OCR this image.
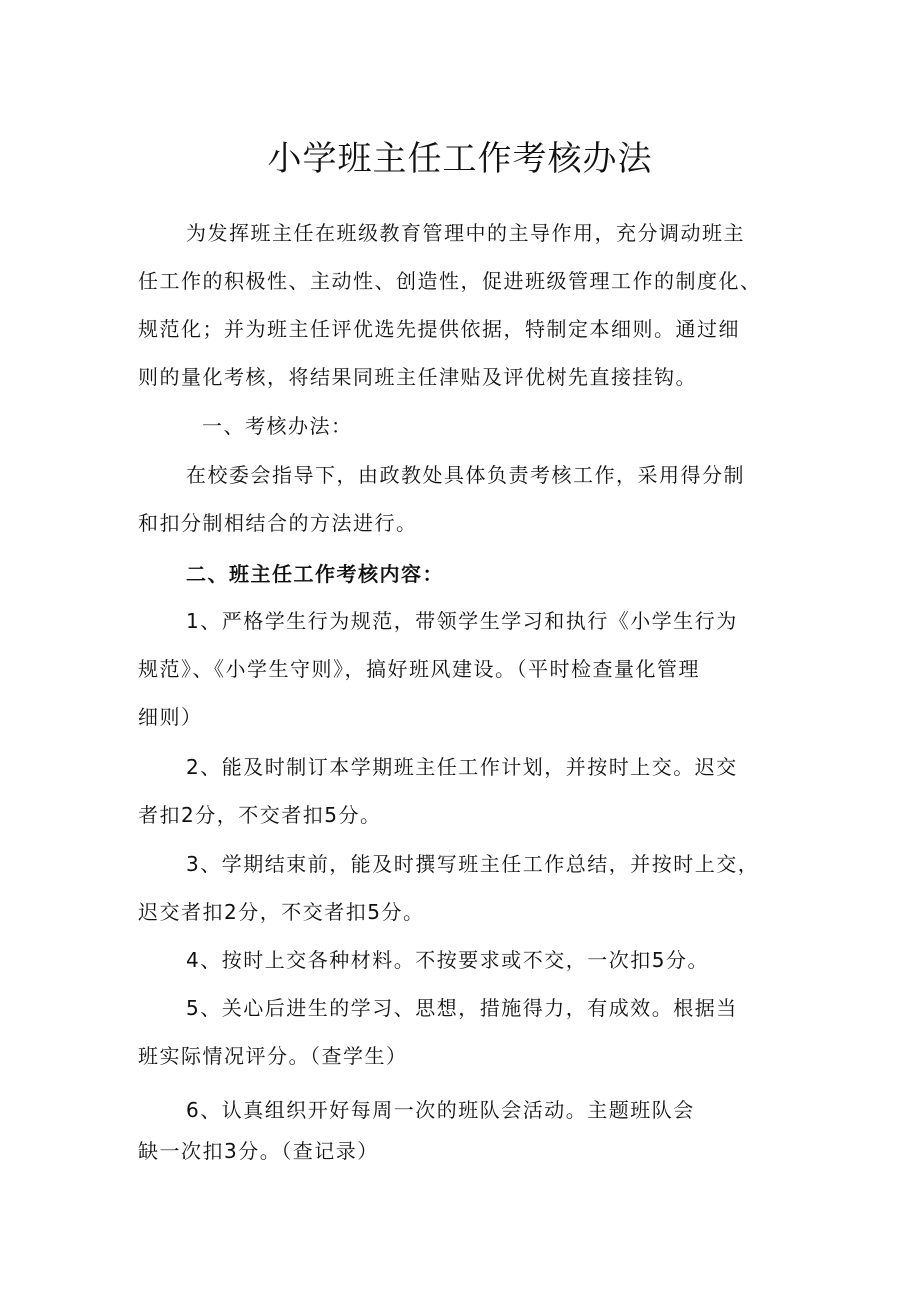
小学班主任工作考核办法
为发挥班主任在班级教育管理中的主导作用，充分调动班主
任工作的积极性、主动性、创造性，促进班级管理工作的制度化、
规范化；并为班主任评优选先提供依据，特制定本细则。通过细
则的量化考核，将结果同班主任津贴及评优树先直接挂钩。
一、考核办法：
在校委会指导下，由政教处具体负责考核工作，采用得分制
和扣分制相结合的方法进行。
二、班主任工作考核内容：
1、严格学生行为规范，带领学生学习和执行《小学生行为
规范》、《小学生守则》，搞好班风建设。（平时检查量化管理
细则）
2、能及时制订本学期班主任工作计划，并按时上交。迟交
者扣2分，不交者扣5分。
3、学期结束前，能及时撰写班主任工作总结，并按时上交，
迟交者扣2分，不交者扣5分。
4、按时上交各种材料。不按要求或不交，一次扣5分。
5、关心后进生的学习、思想，措施得力，有成效。根据当
班实际情况评分。（查学生）
6、认真组织开好每周一次的班队会活动。主题班队会
缺一次扣3分。（查记录）
